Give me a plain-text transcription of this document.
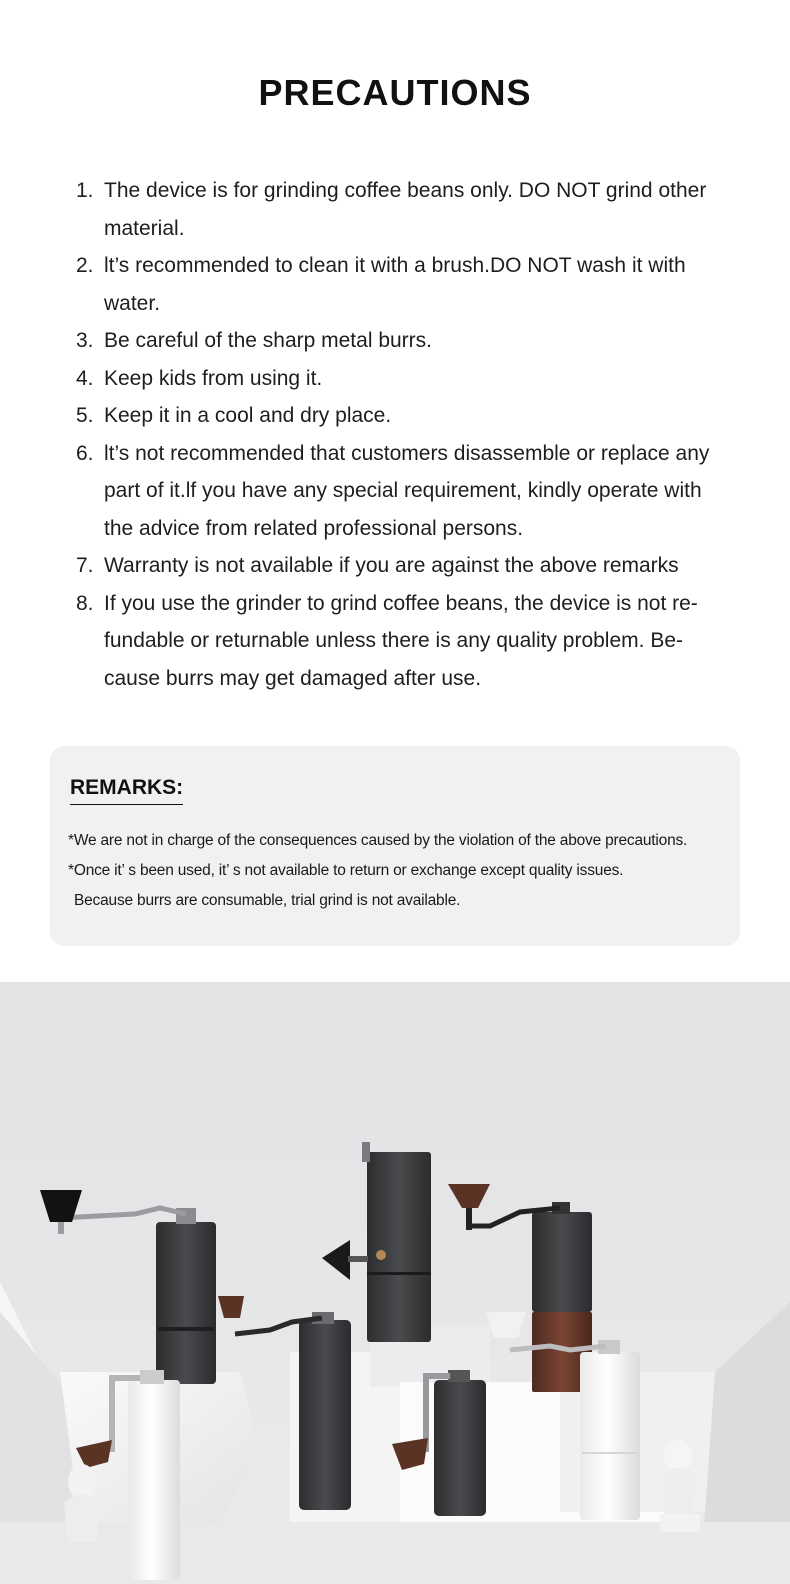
PRECAUTIONS
1. The device is for grinding coffee beans only. DO NOT grind other material.
2. lt’s recommended to clean it with a brush.DO NOT wash it with water.
3. Be careful of the sharp metal burrs.
4. Keep kids from using it.
5. Keep it in a cool and dry place.
6. lt’s not recommended that customers disassemble or replace any part of it.lf you have any special requirement, kindly operate with the advice from related professional persons.
7. Warranty is not available if you are against the above remarks
8. If you use the grinder to grind coffee beans, the device is not re-fundable or returnable unless there is any quality problem. Be-cause burrs may get damaged after use.
REMARKS:
*We are not in charge of the consequences caused by the violation of the above precautions.
*Once it’ s been used, it’ s not available to return or exchange except quality issues.
Because burrs are consumable, trial grind is not available.
